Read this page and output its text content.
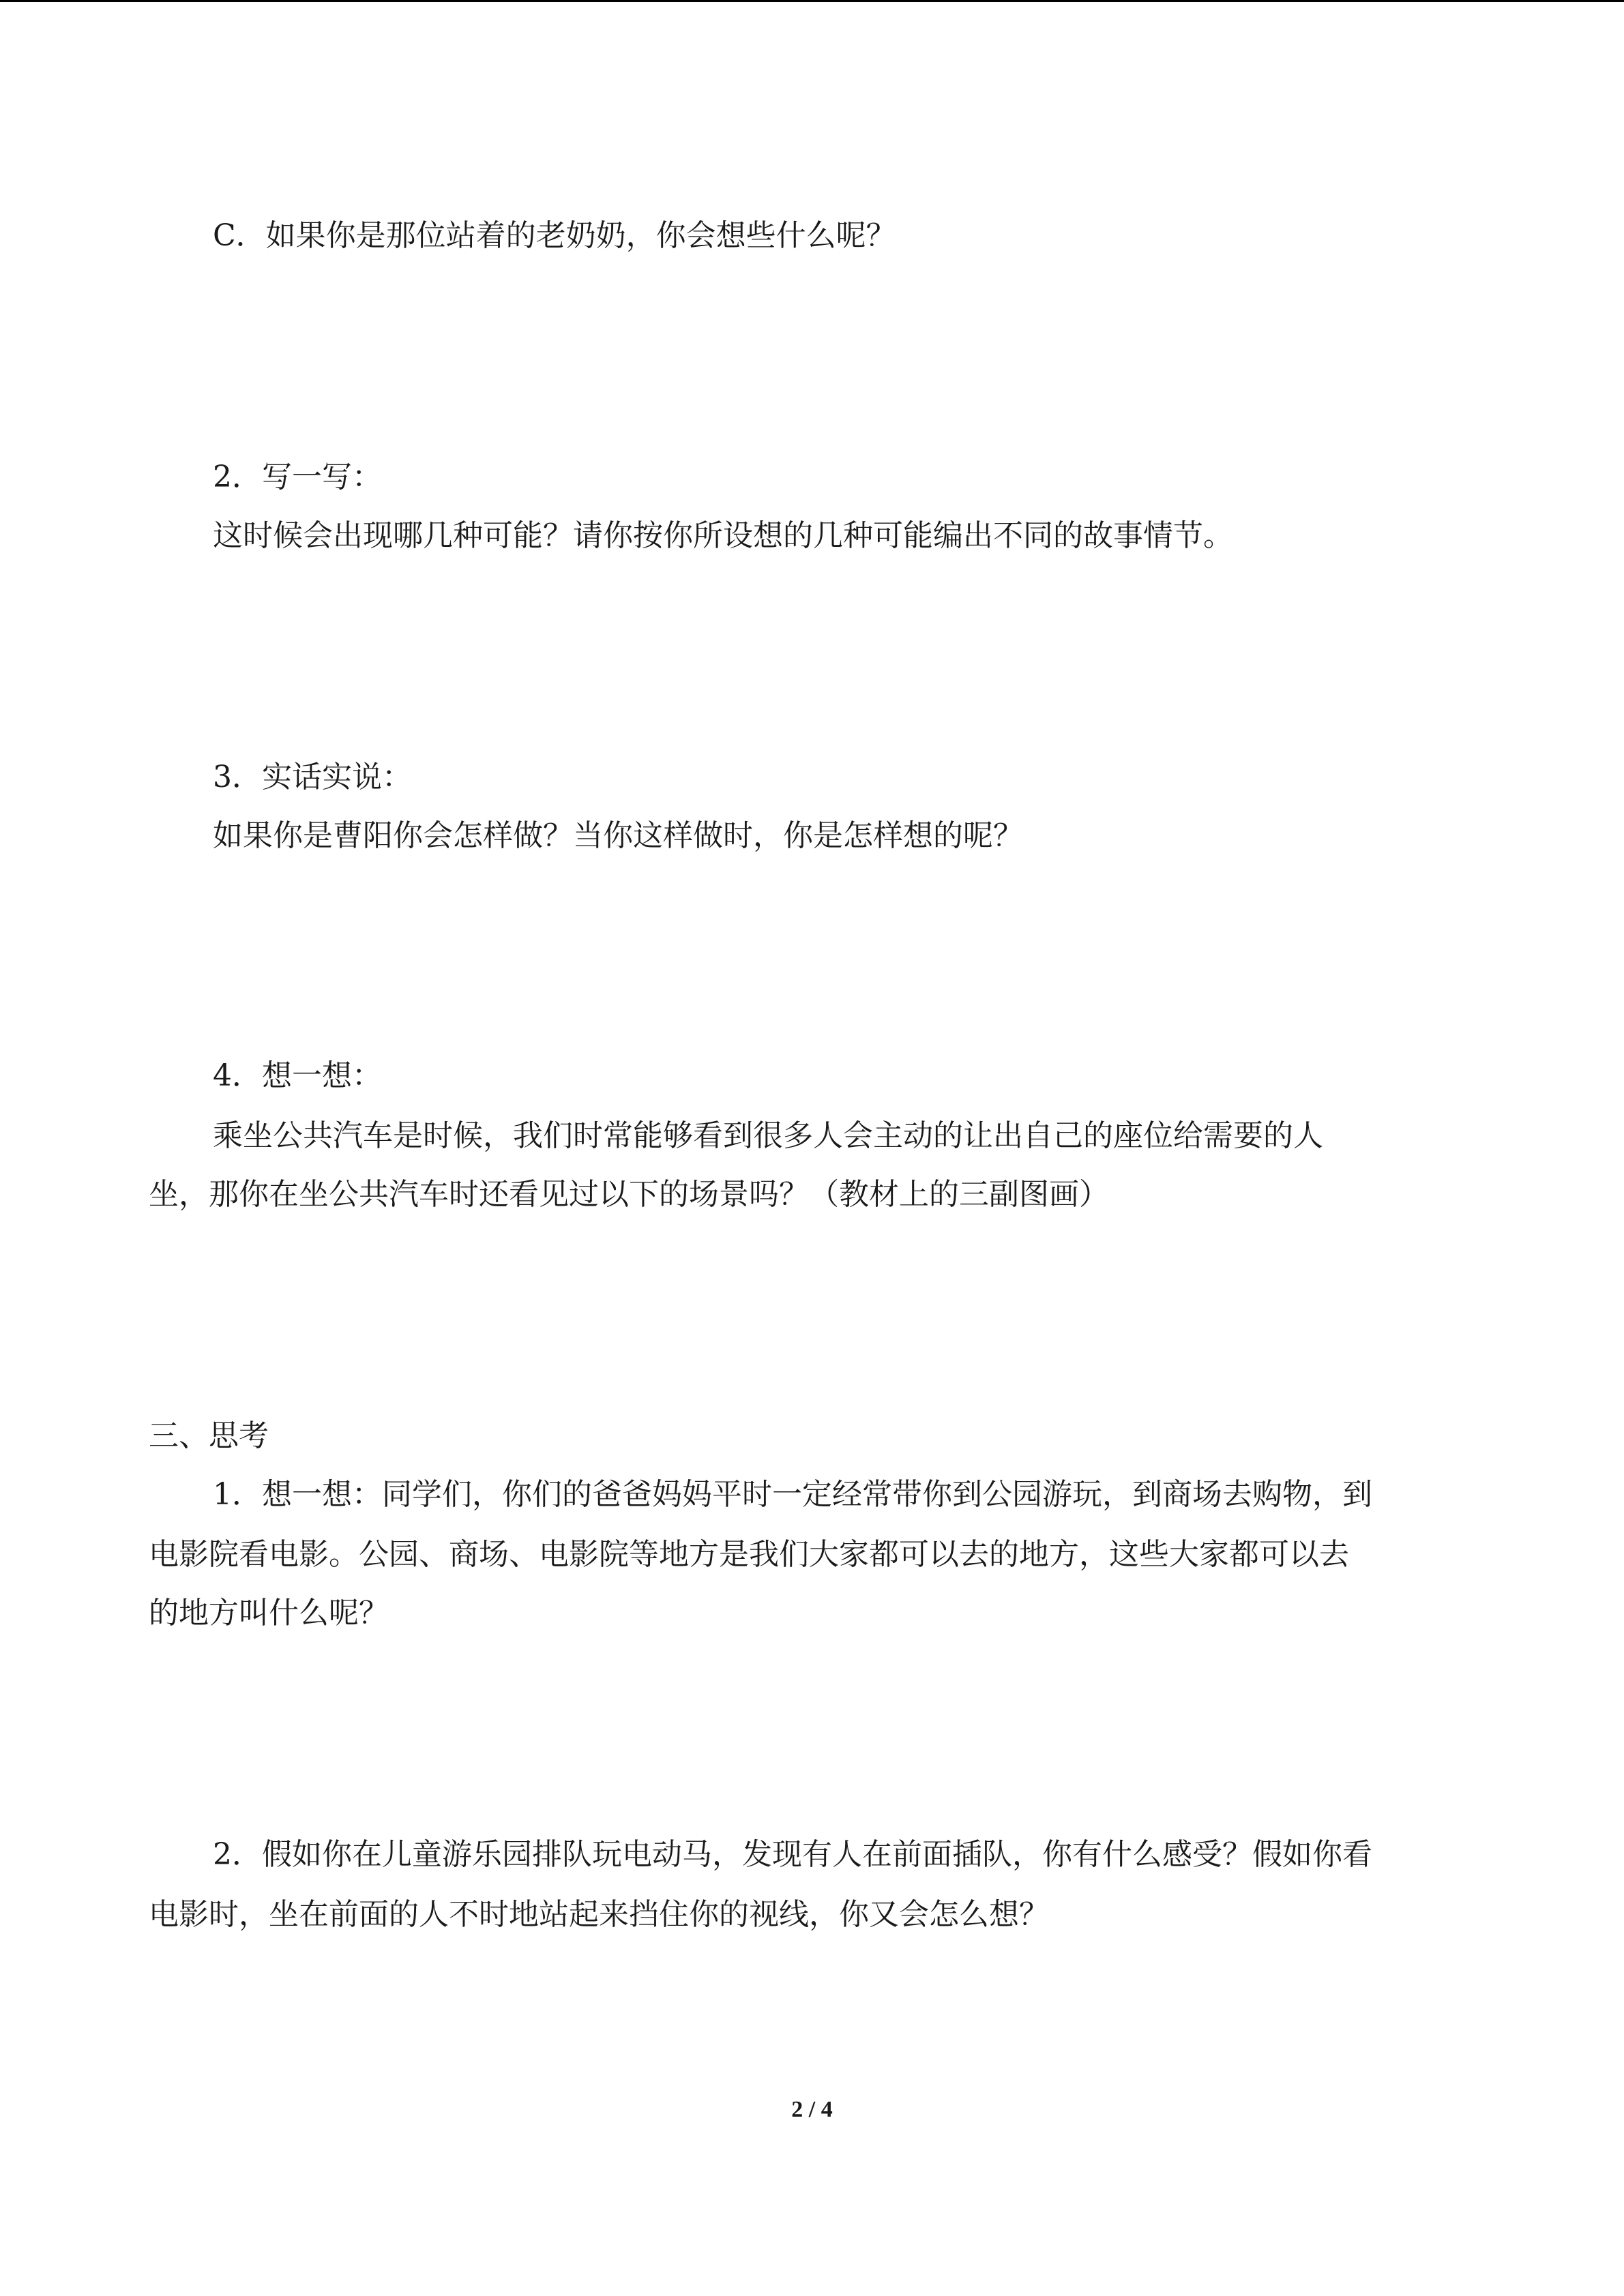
C．如果你是那位站着的老奶奶，你会想些什么呢？
2．写一写：
这时候会出现哪几种可能？请你按你所设想的几种可能编出不同的故事情节。
3．实话实说：
如果你是曹阳你会怎样做？当你这样做时，你是怎样想的呢？
4．想一想：
乘坐公共汽车是时候，我们时常能够看到很多人会主动的让出自己的座位给需要的人
坐，那你在坐公共汽车时还看见过以下的场景吗？（教材上的三副图画）
三、思考
1．想一想：同学们，你们的爸爸妈妈平时一定经常带你到公园游玩，到商场去购物，到
电影院看电影。公园、商场、电影院等地方是我们大家都可以去的地方，这些大家都可以去
的地方叫什么呢？
2．假如你在儿童游乐园排队玩电动马，发现有人在前面插队，你有什么感受？假如你看
电影时，坐在前面的人不时地站起来挡住你的视线，你又会怎么想？
2 / 4
